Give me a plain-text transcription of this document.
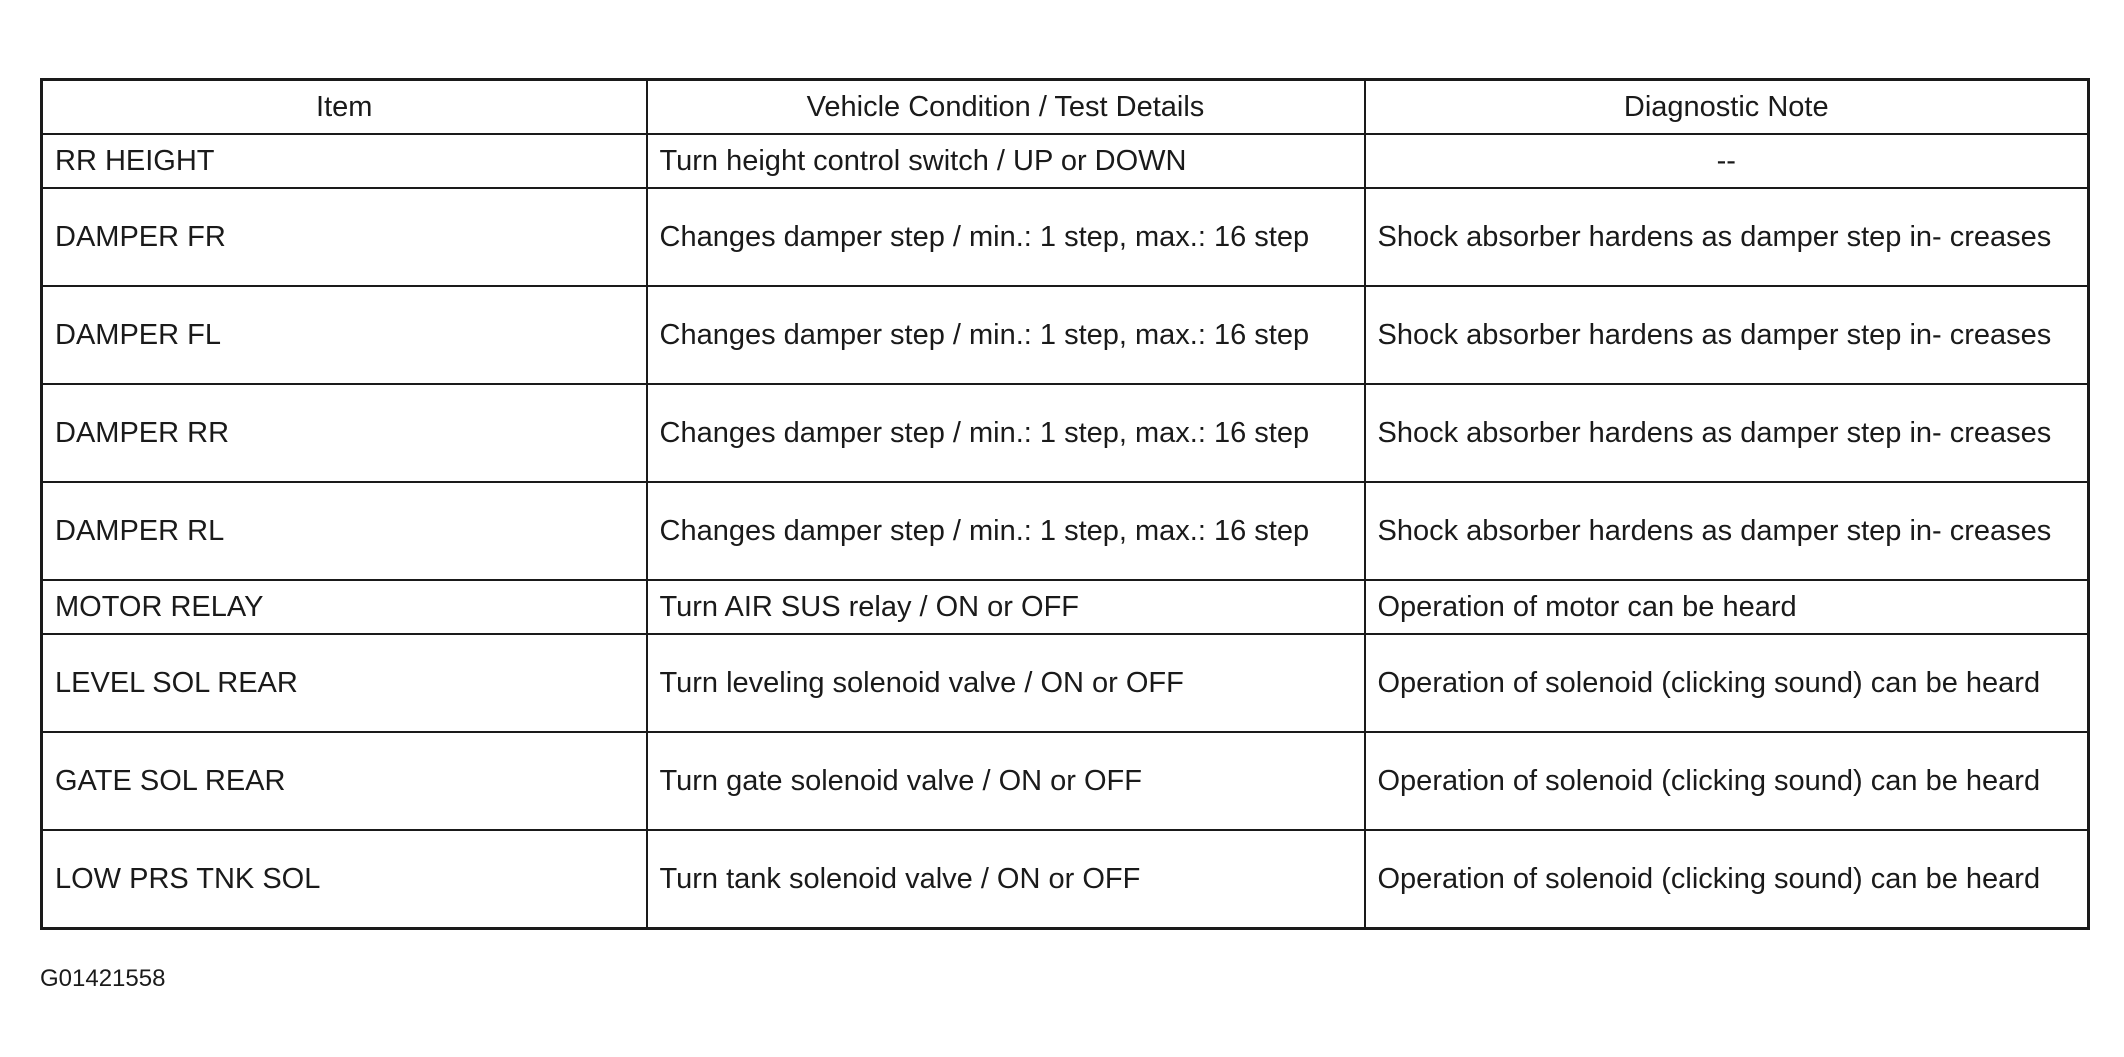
Item	Vehicle Condition / Test Details	Diagnostic Note
RR HEIGHT	Turn height control switch / UP or DOWN	--
DAMPER FR	Changes damper step / min.: 1 step, max.: 16 step	Shock absorber hardens as damper step in- creases
DAMPER FL	Changes damper step / min.: 1 step, max.: 16 step	Shock absorber hardens as damper step in- creases
DAMPER RR	Changes damper step / min.: 1 step, max.: 16 step	Shock absorber hardens as damper step in- creases
DAMPER RL	Changes damper step / min.: 1 step, max.: 16 step	Shock absorber hardens as damper step in- creases
MOTOR RELAY	Turn AIR SUS relay / ON or OFF	Operation of motor can be heard
LEVEL SOL REAR	Turn leveling solenoid valve / ON or OFF	Operation of solenoid (clicking sound) can be heard
GATE SOL REAR	Turn gate solenoid valve / ON or OFF	Operation of solenoid (clicking sound) can be heard
LOW PRS TNK SOL	Turn tank solenoid valve / ON or OFF	Operation of solenoid (clicking sound) can be heard
G01421558
